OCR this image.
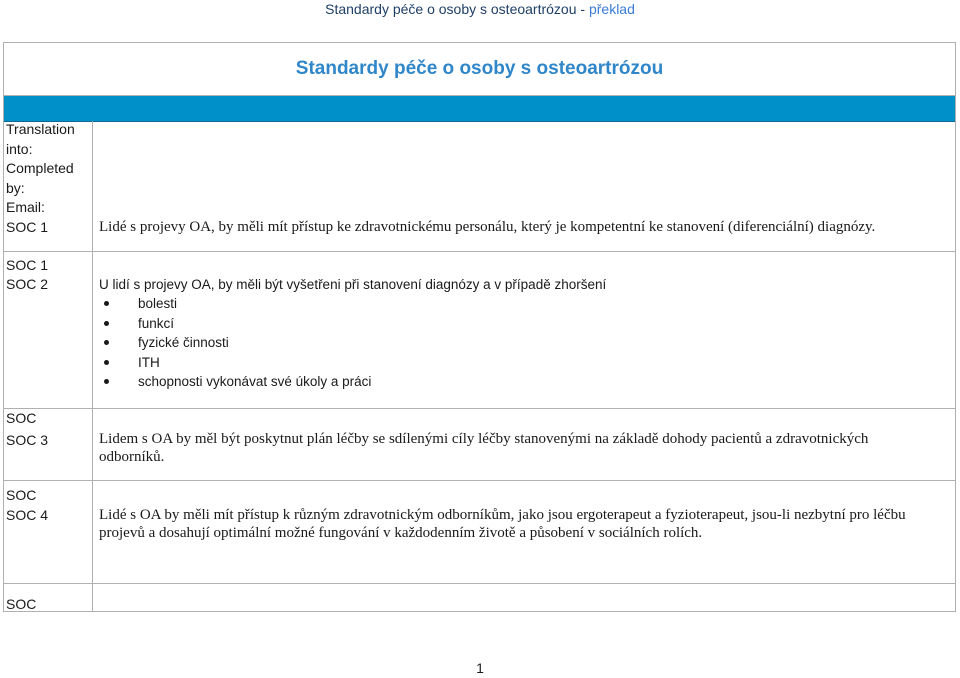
Standardy péče o osoby s osteoartrózou - překlad
Standardy péče o osoby s osteoartrózou
Translation into:
Completed by:
Email:
SOC 1
SOC 1
SOC 2
SOC
SOC 3
SOC
SOC 4
SOC
Lidé s projevy OA, by měli mít přístup ke zdravotnickému personálu, který je kompetentní ke stanovení (diferenciální) diagnózy.
U lidí s projevy OA, by měli být vyšetřeni při stanovení diagnózy a v případě zhoršení
bolesti
funkcí
fyzické činnosti
ITH
schopnosti vykonávat své úkoly a práci
Lidem s OA by měl být poskytnut plán léčby se sdílenými cíly léčby stanovenými na základě dohody pacientů a zdravotnických odborníků.
Lidé s OA by měli mít přístup k různým zdravotnickým odborníkům, jako jsou ergoterapeut a fyzioterapeut, jsou-li nezbytní pro léčbu projevů a dosahují optimální možné fungování v každodenním životě a působení v sociálních rolích.
1
